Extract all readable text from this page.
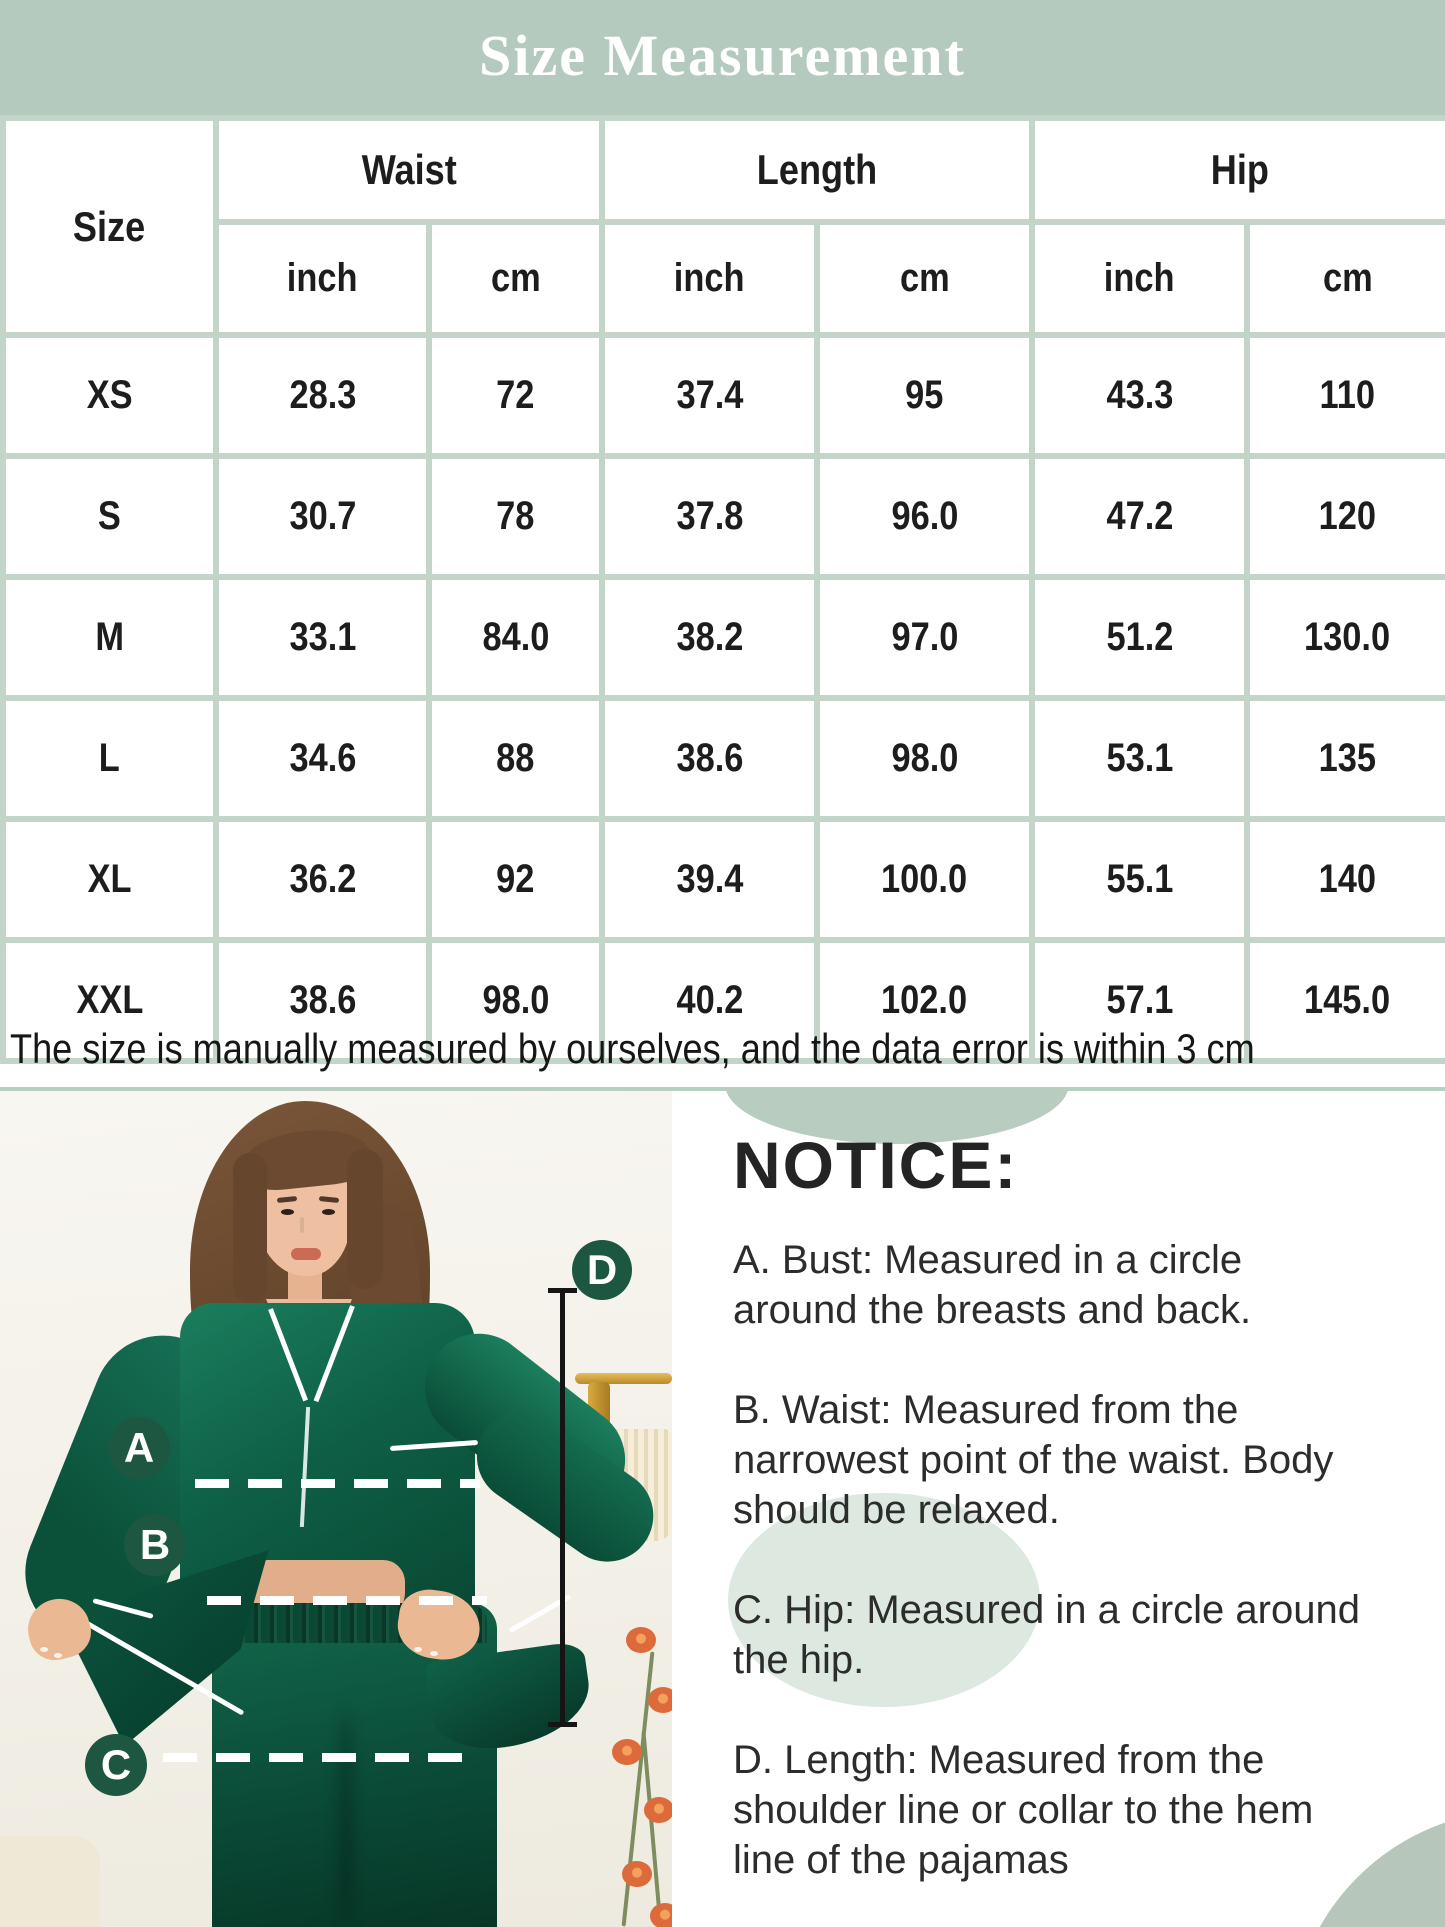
Size Measurement
Size	Waist		Length		Hip	
	inch	cm	inch	cm	inch	cm
XS	28.3	72	37.4	95	43.3	110
S	30.7	78	37.8	96.0	47.2	120
M	33.1	84.0	38.2	97.0	51.2	130.0
L	34.6	88	38.6	98.0	53.1	135
XL	36.2	92	39.4	100.0	55.1	140
XXL	38.6	98.0	40.2	102.0	57.1	145.0
The size is manually measured by ourselves, and the data error is within 3 cm
A
B
C
D
NOTICE:

A. Bust: Measured in a circle around the breasts and back.

B. Waist: Measured from the narrowest point of the waist. Body should be relaxed.

C. Hip: Measured in a circle around the hip.

D. Length: Measured from the shoulder line or collar to the hem line of the pajamas
